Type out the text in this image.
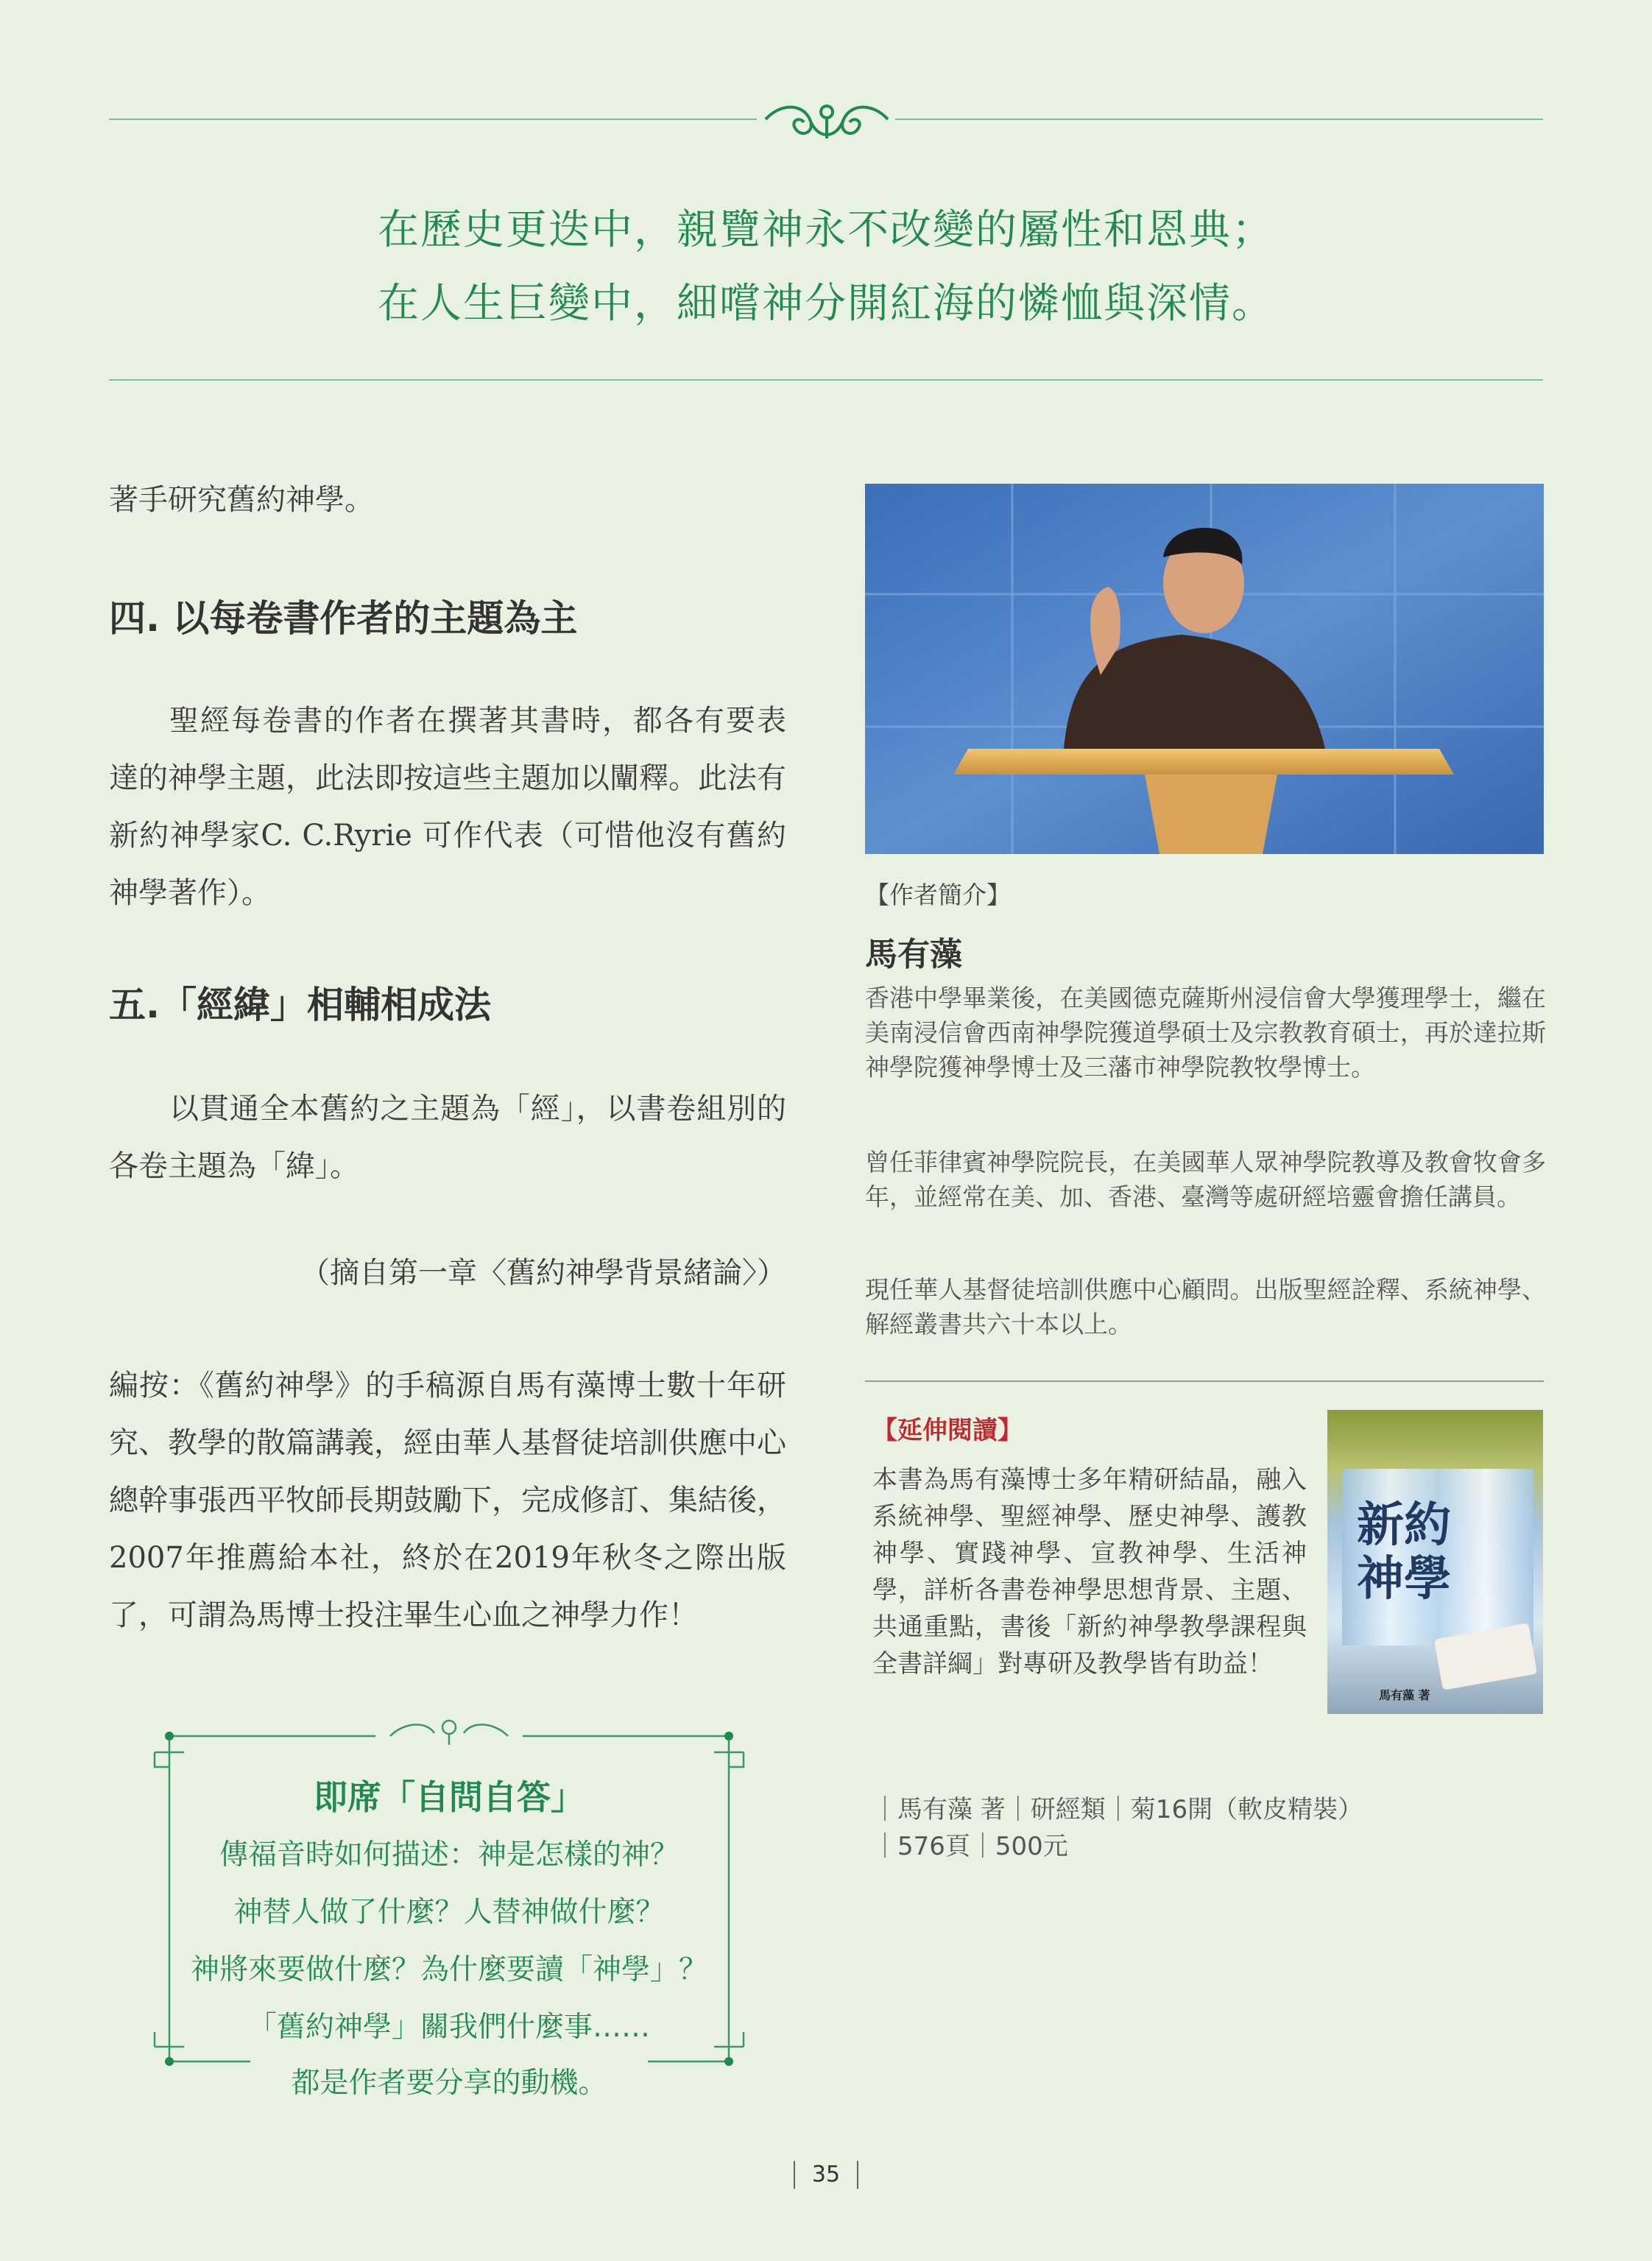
在歷史更迭中，親覽神永不改變的屬性和恩典；
在人生巨變中，細嚐神分開紅海的憐恤與深情。
著手研究舊約神學。
四. 以每卷書作者的主題為主
聖經每卷書的作者在撰著其書時，都各有要表達的神學主題，此法即按這些主題加以闡釋。此法有新約神學家C. C.Ryrie 可作代表（可惜他沒有舊約神學著作）。
五.「經緯」相輔相成法
以貫通全本舊約之主題為「經」，以書卷組別的各卷主題為「緯」。
（摘自第一章〈舊約神學背景緒論〉）
編按：《舊約神學》的手稿源自馬有藻博士數十年研究、教學的散篇講義，經由華人基督徒培訓供應中心總幹事張西平牧師長期鼓勵下，完成修訂、集結後，2007年推薦給本社，終於在2019年秋冬之際出版了，可謂為馬博士投注畢生心血之神學力作！
即席「自問自答」
傳福音時如何描述：神是怎樣的神？
神替人做了什麼？人替神做什麼？
神將來要做什麼？為什麼要讀「神學」？
「舊約神學」關我們什麼事……
都是作者要分享的動機。
【作者簡介】
馬有藻
香港中學畢業後，在美國德克薩斯州浸信會大學獲理學士，繼在美南浸信會西南神學院獲道學碩士及宗教教育碩士，再於達拉斯神學院獲神學博士及三藩市神學院教牧學博士。
曾任菲律賓神學院院長，在美國華人眾神學院教導及教會牧會多年，並經常在美、加、香港、臺灣等處研經培靈會擔任講員。
現任華人基督徒培訓供應中心顧問。出版聖經詮釋、系統神學、解經叢書共六十本以上。
【延伸閱讀】
本書為馬有藻博士多年精研結晶，融入系統神學、聖經神學、歷史神學、護教神學、實踐神學、宣教神學、生活神學，詳析各書卷神學思想背景、主題、共通重點，書後「新約神學教學課程與全書詳綱」對專研及教學皆有助益！
新約
神學
馬有藻 著
｜馬有藻 著｜研經類｜菊16開（軟皮精裝）
｜576頁｜500元
35
